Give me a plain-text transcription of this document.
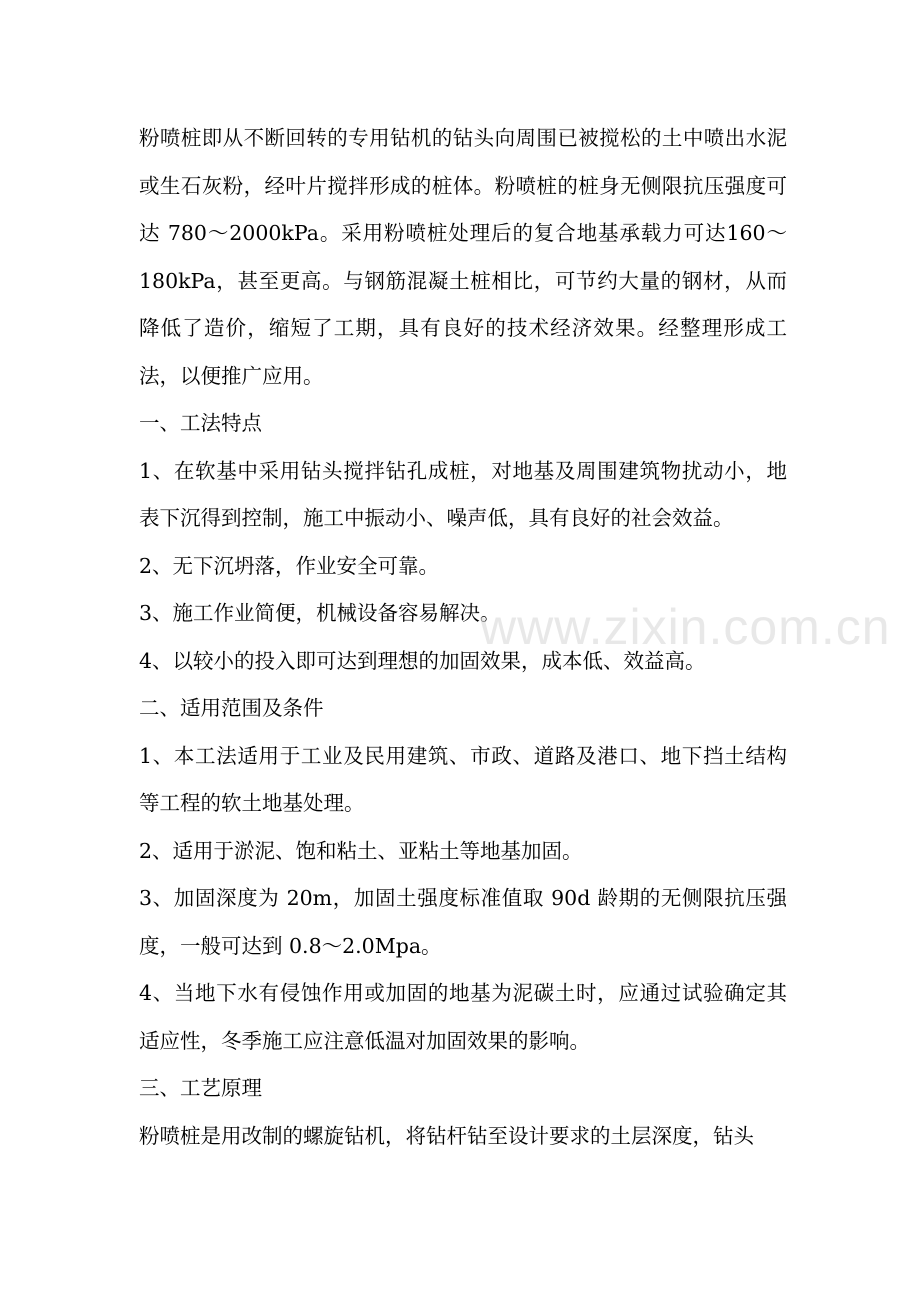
粉喷桩即从不断回转的专用钻机的钻头向周围已被搅松的土中喷出水泥或生石灰粉，经叶片搅拌形成的桩体。粉喷桩的桩身无侧限抗压强度可达 780～2000kPa。采用粉喷桩处理后的复合地基承载力可达160～180kPa，甚至更高。与钢筋混凝土桩相比，可节约大量的钢材，从而降低了造价，缩短了工期，具有良好的技术经济效果。经整理形成工法，以便推广应用。

一、工法特点

1、在软基中采用钻头搅拌钻孔成桩，对地基及周围建筑物扰动小，地表下沉得到控制，施工中振动小、噪声低，具有良好的社会效益。

2、无下沉坍落，作业安全可靠。

3、施工作业简便，机械设备容易解决。

4、以较小的投入即可达到理想的加固效果，成本低、效益高。

二、适用范围及条件

1、本工法适用于工业及民用建筑、市政、道路及港口、地下挡土结构等工程的软土地基处理。

2、适用于淤泥、饱和粘土、亚粘土等地基加固。

3、加固深度为 20m，加固土强度标准值取 90d 龄期的无侧限抗压强度，一般可达到 0.8～2.0Mpa。

4、当地下水有侵蚀作用或加固的地基为泥碳土时，应通过试验确定其适应性，冬季施工应注意低温对加固效果的影响。

三、工艺原理

粉喷桩是用改制的螺旋钻机，将钻杆钻至设计要求的土层深度，钻头

www.zixin.com.cn
